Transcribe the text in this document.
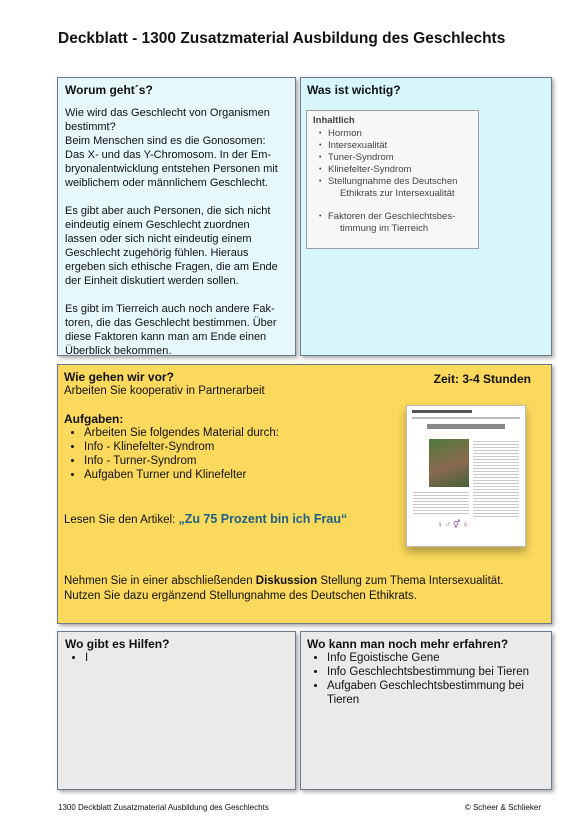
Deckblatt - 1300 Zusatzmaterial Ausbildung des Geschlechts
Worum geht´s?

Wie wird das Geschlecht von Organismen
bestimmt?
Beim Menschen sind es die Gonosomen:
Das X- und das Y-Chromosom. In der Em-
bryonalentwicklung entstehen Personen mit
weiblichem oder männlichem Geschlecht.

Es gibt aber auch Personen, die sich nicht
eindeutig einem Geschlecht zuordnen
lassen oder sich nicht eindeutig einem
Geschlecht zugehörig fühlen. Hieraus
ergeben sich ethische Fragen, die am Ende
der Einheit diskutiert werden sollen.

Es gibt im Tierreich auch noch andere Fak-
toren, die das Geschlecht bestimmen. Über
diese Faktoren kann man am Ende einen
Überblick bekommen.

Was ist wichtig?
Inhaltlich
• Hormon
• Intersexualität
• Tuner-Syndrom
• Klinefelter-Syndrom
• Stellungnahme des Deutschen
Ethikrats zur Intersexualität
• Faktoren der Geschlechtsbes-
timmung im Tierreich
Wie gehen wir vor?	Zeit: 3-4 Stunden
Arbeiten Sie kooperativ in Partnerarbeit
Aufgaben:
• Arbeiten Sie folgendes Material durch:
• Info - Klinefelter-Syndrom
• Info - Turner-Syndrom
• Aufgaben Turner und Klinefelter
Lesen Sie den Artikel: „Zu 75 Prozent bin ich Frau“
Nehmen Sie in einer abschließenden Diskussion Stellung zum Thema Intersexualität.
Nutzen Sie dazu ergänzend Stellungnahme des Deutschen Ethikrats.
♀♂⚥♀
Wo gibt es Hilfen?
• I
Wo kann man noch mehr erfahren?
• Info Egoistische Gene
• Info Geschlechtsbestimmung bei Tieren
• Aufgaben Geschlechtsbestimmung bei
Tieren
1300 Deckblatt Zusatzmaterial Ausbildung des Geschlechts	© Scheer & Schlieker
